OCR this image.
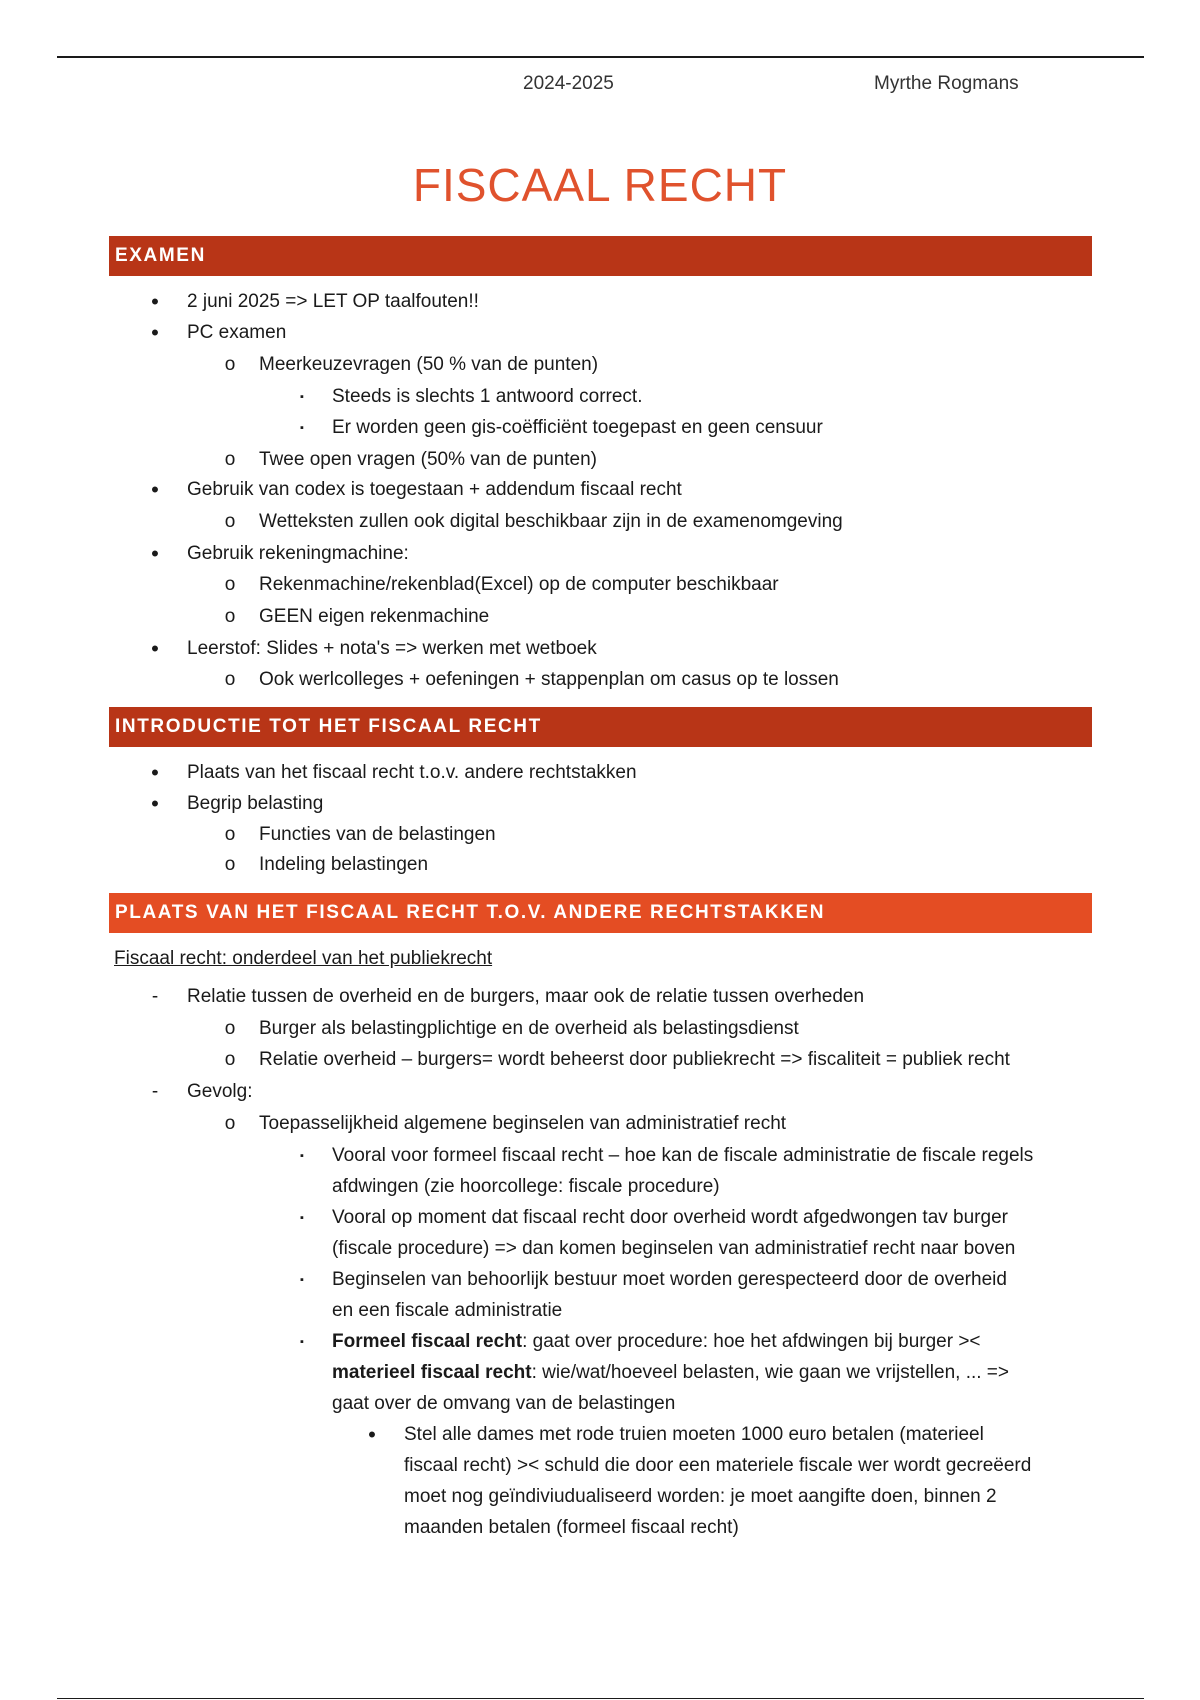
2024-2025	Myrthe Rogmans
FISCAAL RECHT
EXAMEN
• 2 juni 2025 => LET OP taalfouten!!
• PC examen
o Meerkeuzevragen (50 % van de punten)
▪	Steeds is slechts 1 antwoord correct.
▪	Er worden geen gis-coëfficiënt toegepast en geen censuur
o Twee open vragen (50% van de punten)
• Gebruik van codex is toegestaan + addendum fiscaal recht
o Wetteksten zullen ook digital beschikbaar zijn in de examenomgeving
• Gebruik rekeningmachine:
o Rekenmachine/rekenblad(Excel) op de computer beschikbaar
o GEEN eigen rekenmachine
• Leerstof: Slides + nota's => werken met wetboek
o Ook werlcolleges + oefeningen + stappenplan om casus op te lossen
INTRODUCTIE TOT HET FISCAAL RECHT
• Plaats van het fiscaal recht t.o.v. andere rechtstakken
• Begrip belasting
o Functies van de belastingen
o Indeling belastingen
PLAATS VAN HET FISCAAL RECHT T.O.V. ANDERE RECHTSTAKKEN
Fiscaal recht: onderdeel van het publiekrecht
- Relatie tussen de overheid en de burgers, maar ook de relatie tussen overheden
o Burger als belastingplichtige en de overheid als belastingsdienst
o Relatie overheid – burgers= wordt beheerst door publiekrecht => fiscaliteit = publiek recht
- Gevolg:
o Toepasselijkheid algemene beginselen van administratief recht
▪	Vooral voor formeel fiscaal recht – hoe kan de fiscale administratie de fiscale regels
afdwingen (zie hoorcollege: fiscale procedure)
▪	Vooral op moment dat fiscaal recht door overheid wordt afgedwongen tav burger
(fiscale procedure) => dan komen beginselen van administratief recht naar boven
▪	Beginselen van behoorlijk bestuur moet worden gerespecteerd door de overheid
en een fiscale administratie
▪	Formeel fiscaal recht: gaat over procedure: hoe het afdwingen bij burger ><
materieel fiscaal recht: wie/wat/hoeveel belasten, wie gaan we vrijstellen, ... =>
gaat over de omvang van de belastingen
• Stel alle dames met rode truien moeten 1000 euro betalen (materieel
fiscaal recht) >< schuld die door een materiele fiscale wer wordt gecreëerd
moet nog geïndiviudualiseerd worden: je moet aangifte doen, binnen 2
maanden betalen (formeel fiscaal recht)
